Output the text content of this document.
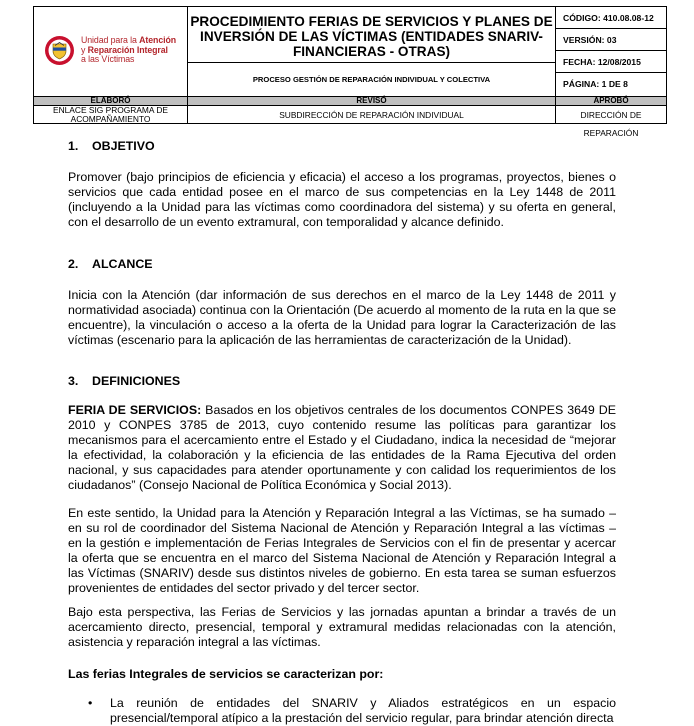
Unidad para la Atención
y Reparación Integral
a las Víctimas
PROCEDIMIENTO FERIAS DE SERVICIOS Y PLANES DE INVERSIÓN DE LAS VÍCTIMAS (ENTIDADES SNARIV-FINANCIERAS - OTRAS)
PROCESO GESTIÓN DE REPARACIÓN INDIVIDUAL Y COLECTIVA
CÓDIGO: 410.08.08-12
VERSIÓN: 03
FECHA: 12/08/2015
PÁGINA: 1 DE 8
ELABORÓ	REVISÓ	APROBÓ
ENLACE SIG PROGRAMA DE ACOMPAÑAMIENTO	SUBDIRECCIÓN DE REPARACIÓN INDIVIDUAL	DIRECCIÓN DE REPARACIÓN
1. OBJETIVO
Promover (bajo principios de eficiencia y eficacia) el acceso a los programas, proyectos, bienes o servicios que cada entidad posee en el marco de sus competencias en la Ley 1448 de 2011 (incluyendo a la Unidad para las víctimas como coordinadora del sistema) y su oferta en general, con el desarrollo de un evento extramural, con temporalidad y alcance definido.
2. ALCANCE
Inicia con la Atención (dar información de sus derechos en el marco de la Ley 1448 de 2011 y normatividad asociada) continua con la Orientación (De acuerdo al momento de la ruta en la que se encuentre), la vinculación o acceso a la oferta de la Unidad para lograr la Caracterización de las víctimas (escenario para la aplicación de las herramientas de caracterización de la Unidad).
3. DEFINICIONES
FERIA DE SERVICIOS: Basados en los objetivos centrales de los documentos CONPES 3649 DE 2010 y CONPES 3785 de 2013, cuyo contenido resume las políticas para garantizar los mecanismos para el acercamiento entre el Estado y el Ciudadano, indica la necesidad de “mejorar la efectividad, la colaboración y la eficiencia de las entidades de la Rama Ejecutiva del orden nacional, y sus capacidades para atender oportunamente y con calidad los requerimientos de los ciudadanos” (Consejo Nacional de Política Económica y Social 2013).
En este sentido, la Unidad para la Atención y Reparación Integral a las Víctimas, se ha sumado – en su rol de coordinador del Sistema Nacional de Atención y Reparación Integral a las víctimas – en la gestión e implementación de Ferias Integrales de Servicios con el fin de presentar y acercar la oferta que se encuentra en el marco del Sistema Nacional de Atención y Reparación Integral a las Víctimas (SNARIV) desde sus distintos niveles de gobierno. En esta tarea se suman esfuerzos provenientes de entidades del sector privado y del tercer sector.
Bajo esta perspectiva, las Ferias de Servicios y las jornadas apuntan a brindar a través de un acercamiento directo, presencial, temporal y extramural medidas relacionadas con la atención, asistencia y reparación integral a las víctimas.
Las ferias Integrales de servicios se caracterizan por:
•	La reunión de entidades del SNARIV y Aliados estratégicos en un espacio presencial/temporal atípico a la prestación del servicio regular, para brindar atención directa
